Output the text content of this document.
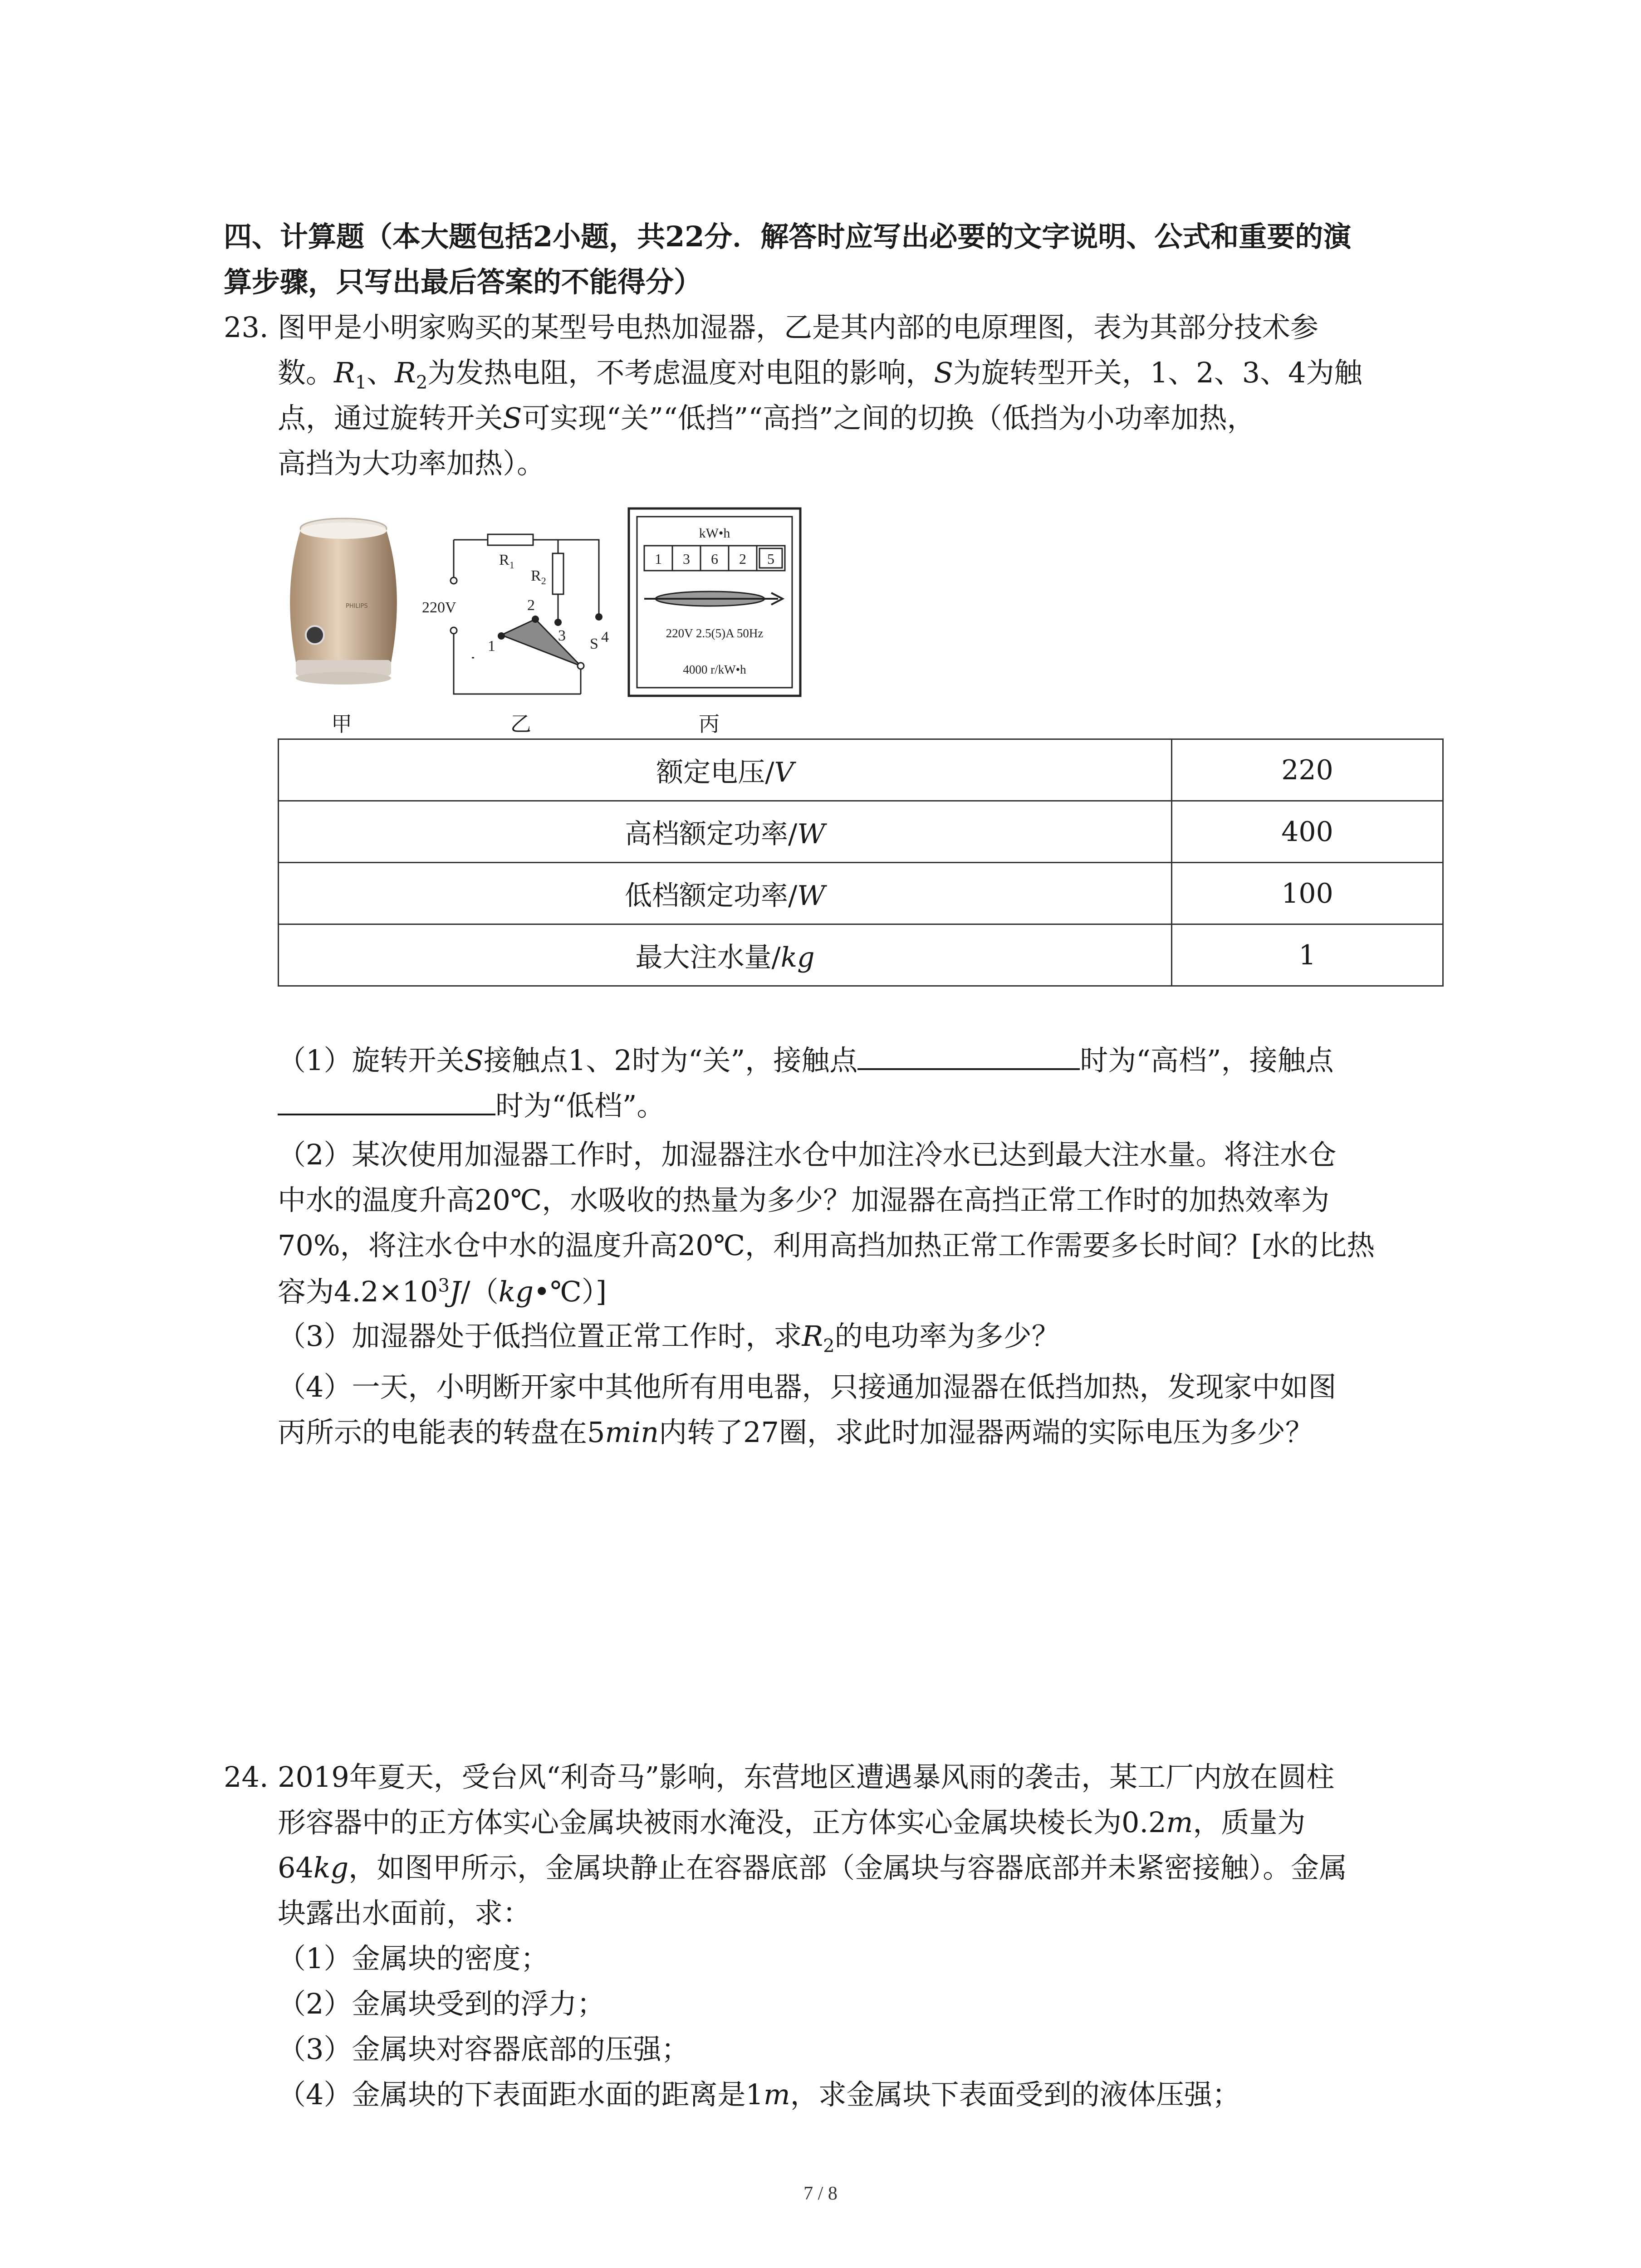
四、计算题（本大题包括2小题，共22分．解答时应写出必要的文字说明、公式和重要的演
算步骤，只写出最后答案的不能得分）
23. 图甲是小明家购买的某型号电热加湿器，乙是其内部的电原理图，表为其部分技术参
数。$R_1$、$R_2$为发热电阻，不考虑温度对电阻的影响，S为旋转型开关，1、2、3、4为触
点，通过旋转开关S可实现“关”“低挡”“高挡”之间的切换（低挡为小功率加热，
高挡为大功率加热）。
PHILIPS
甲
220V
$R_1$
$R_2$
2
3 S 4
1
乙
kW•h
1 3 6 2 5
220V 2.5(5)A 50Hz
4000 r/kW•h
丙
额定电压/V	220
高档额定功率/W	400
低档额定功率/W	100
最大注水量/kg	1
（1）旋转开关S接触点1、2时为“关”，接触点	时为“高档”，接触点
时为“低档”。
（2）某次使用加湿器工作时，加湿器注水仓中加注冷水已达到最大注水量。将注水仓
中水的温度升高20℃，水吸收的热量为多少？加湿器在高挡正常工作时的加热效率为
70%，将注水仓中水的温度升高20℃，利用高挡加热正常工作需要多长时间？[水的比热
容为$4.2\times 10^3J/(kg•℃)$]
（3）加湿器处于低挡位置正常工作时，求$R_2$的电功率为多少？
（4）一天，小明断开家中其他所有用电器，只接通加湿器在低挡加热，发现家中如图
丙所示的电能表的转盘在5min内转了27圈，求此时加湿器两端的实际电压为多少？
24. 2019年夏天，受台风“利奇马”影响，东营地区遭遇暴风雨的袭击，某工厂内放在圆柱
形容器中的正方体实心金属块被雨水淹没，正方体实心金属块棱长为0.2m，质量为
64kg，如图甲所示，金属块静止在容器底部（金属块与容器底部并未紧密接触）。金属
块露出水面前，求：
（1）金属块的密度；
（2）金属块受到的浮力；
（3）金属块对容器底部的压强；
（4）金属块的下表面距水面的距离是1m，求金属块下表面受到的液体压强；
7 / 8
